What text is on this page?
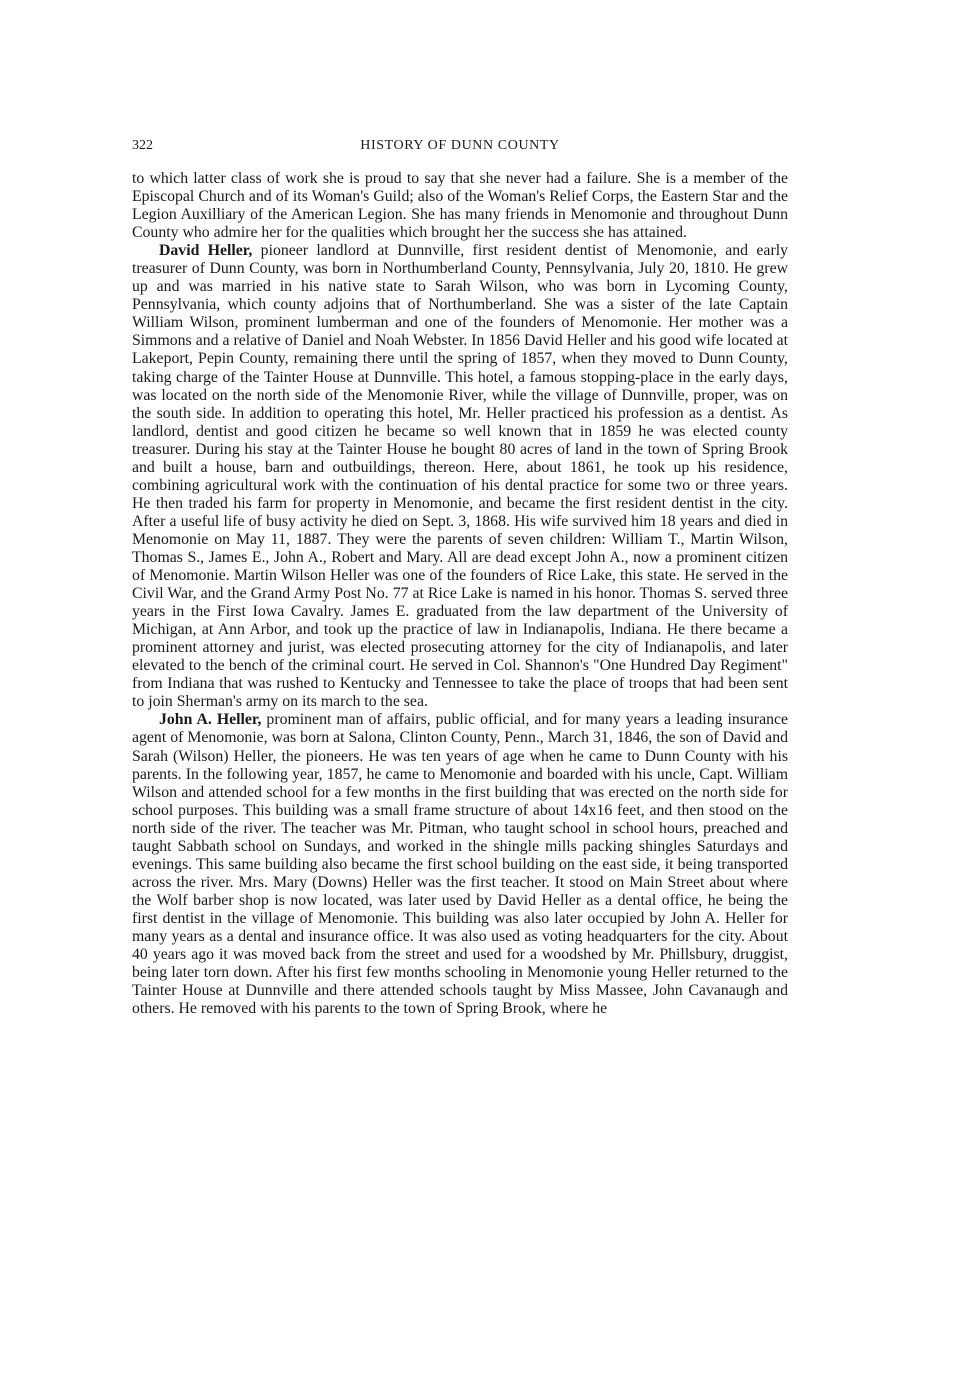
322	HISTORY OF DUNN COUNTY

to which latter class of work she is proud to say that she never had a failure. She is a member of the Episcopal Church and of its Woman's Guild; also of the Woman's Relief Corps, the Eastern Star and the Legion Auxilliary of the American Legion. She has many friends in Menomonie and throughout Dunn County who admire her for the qualities which brought her the success she has attained.

David Heller, pioneer landlord at Dunnville, first resident dentist of Menomonie, and early treasurer of Dunn County, was born in Northumberland County, Pennsylvania, July 20, 1810. He grew up and was married in his native state to Sarah Wilson, who was born in Lycoming County, Pennsylvania, which county adjoins that of Northumberland. She was a sister of the late Captain William Wilson, prominent lumberman and one of the founders of Menomonie. Her mother was a Simmons and a relative of Daniel and Noah Webster. In 1856 David Heller and his good wife located at Lakeport, Pepin County, remaining there until the spring of 1857, when they moved to Dunn County, taking charge of the Tainter House at Dunnville. This hotel, a famous stopping-place in the early days, was located on the north side of the Menomonie River, while the village of Dunnville, proper, was on the south side. In addition to operating this hotel, Mr. Heller practiced his profession as a dentist. As landlord, dentist and good citizen he became so well known that in 1859 he was elected county treasurer. During his stay at the Tainter House he bought 80 acres of land in the town of Spring Brook and built a house, barn and outbuildings, thereon. Here, about 1861, he took up his residence, combining agricultural work with the continuation of his dental practice for some two or three years. He then traded his farm for property in Menomonie, and became the first resident dentist in the city. After a useful life of busy activity he died on Sept. 3, 1868. His wife survived him 18 years and died in Menomonie on May 11, 1887. They were the parents of seven children: William T., Martin Wilson, Thomas S., James E., John A., Robert and Mary. All are dead except John A., now a prominent citizen of Menomonie. Martin Wilson Heller was one of the founders of Rice Lake, this state. He served in the Civil War, and the Grand Army Post No. 77 at Rice Lake is named in his honor. Thomas S. served three years in the First Iowa Cavalry. James E. graduated from the law department of the University of Michigan, at Ann Arbor, and took up the practice of law in Indianapolis, Indiana. He there became a prominent attorney and jurist, was elected prosecuting attorney for the city of Indianapolis, and later elevated to the bench of the criminal court. He served in Col. Shannon's "One Hundred Day Regiment" from Indiana that was rushed to Kentucky and Tennessee to take the place of troops that had been sent to join Sherman's army on its march to the sea.

John A. Heller, prominent man of affairs, public official, and for many years a leading insurance agent of Menomonie, was born at Salona, Clinton County, Penn., March 31, 1846, the son of David and Sarah (Wilson) Heller, the pioneers. He was ten years of age when he came to Dunn County with his parents. In the following year, 1857, he came to Menomonie and boarded with his uncle, Capt. William Wilson and attended school for a few months in the first building that was erected on the north side for school purposes. This building was a small frame structure of about 14x16 feet, and then stood on the north side of the river. The teacher was Mr. Pitman, who taught school in school hours, preached and taught Sabbath school on Sundays, and worked in the shingle mills packing shingles Saturdays and evenings. This same building also became the first school building on the east side, it being transported across the river. Mrs. Mary (Downs) Heller was the first teacher. It stood on Main Street about where the Wolf barber shop is now located, was later used by David Heller as a dental office, he being the first dentist in the village of Menomonie. This building was also later occupied by John A. Heller for many years as a dental and insurance office. It was also used as voting headquarters for the city. About 40 years ago it was moved back from the street and used for a woodshed by Mr. Phillsbury, druggist, being later torn down. After his first few months schooling in Menomonie young Heller returned to the Tainter House at Dunnville and there attended schools taught by Miss Massee, John Cavanaugh and others. He removed with his parents to the town of Spring Brook, where he
